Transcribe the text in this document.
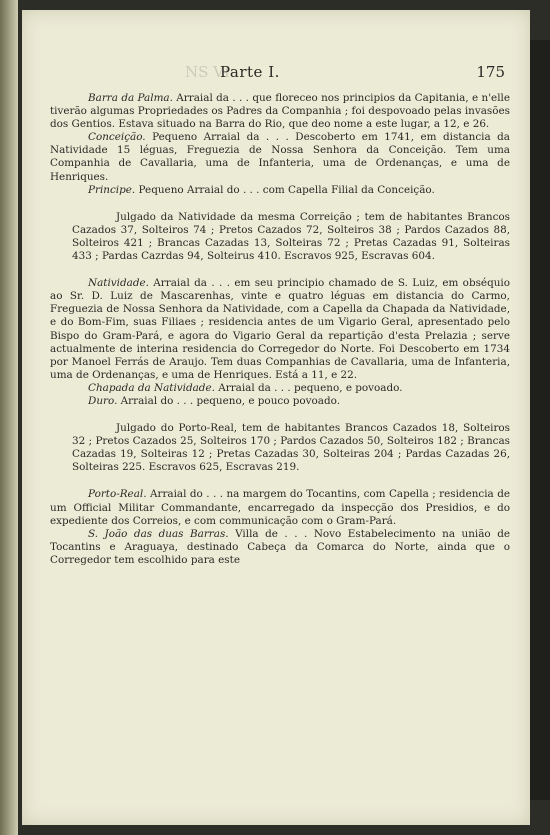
NS VI
Parte I.	175

Barra da Palma. Arraial da . . . que floreceo nos principios da Capitania, e n'elle tiverão algumas Propriedades os Padres da Companhia ; foi despovoado pelas invasões dos Gentios. Estava situado na Barra do Rio, que deo nome a este lugar, a 12, e 26.

Conceição. Pequeno Arraial da . . . Descoberto em 1741, em distancia da Natividade 15 léguas, Freguezia de Nossa Senhora da Conceição. Tem uma Companhia de Cavallaria, uma de Infanteria, uma de Ordenanças, e uma de Henriques.

Principe. Pequeno Arraial do . . . com Capella Filial da Conceição.

Julgado da Natividade da mesma Correição ; tem de habitantes Brancos Cazados 37, Solteiros 74 ; Pretos Cazados 72, Solteiros 38 ; Pardos Cazados 88, Solteiros 421 ; Brancas Cazadas 13, Solteiras 72 ; Pretas Cazadas 91, Solteiras 433 ; Pardas Cazrdas 94, Solteirus 410. Escravos 925, Escravas 604.

Natividade. Arraial da . . . em seu principio chamado de S. Luiz, em obséquio ao Sr. D. Luiz de Mascarenhas, vinte e quatro léguas em distancia do Carmo, Freguezia de Nossa Senhora da Natividade, com a Capella da Chapada da Natividade, e do Bom-Fim, suas Filiaes ; residencia antes de um Vigario Geral, apresentado pelo Bispo do Gram-Pará, e agora do Vigario Geral da repartição d'esta Prelazia ; serve actualmente de interina residencia do Corregedor do Norte. Foi Descoberto em 1734 por Manoel Ferrás de Araujo. Tem duas Companhias de Cavallaria, uma de Infanteria, uma de Ordenanças, e uma de Henriques. Está a 11, e 22.

Chapada da Natividade. Arraial da . . . pequeno, e povoado.

Duro. Arraial do . . . pequeno, e pouco povoado.

Julgado do Porto-Real, tem de habitantes Brancos Cazados 18, Solteiros 32 ; Pretos Cazados 25, Solteiros 170 ; Pardos Cazados 50, Solteiros 182 ; Brancas Cazadas 19, Solteiras 12 ; Pretas Cazadas 30, Solteiras 204 ; Pardas Cazadas 26, Solteiras 225. Escravos 625, Escravas 219.

Porto-Real. Arraial do . . . na margem do Tocantins, com Capella ; residencia de um Official Militar Commandante, encarregado da inspecção dos Presidios, e do expediente dos Correios, e com communicação com o Gram-Pará.

S. João das duas Barras. Villa de . . . Novo Estabelecimento na união de Tocantins e Araguaya, destinado Cabeça da Comarca do Norte, ainda que o Corregedor tem escolhido para este
